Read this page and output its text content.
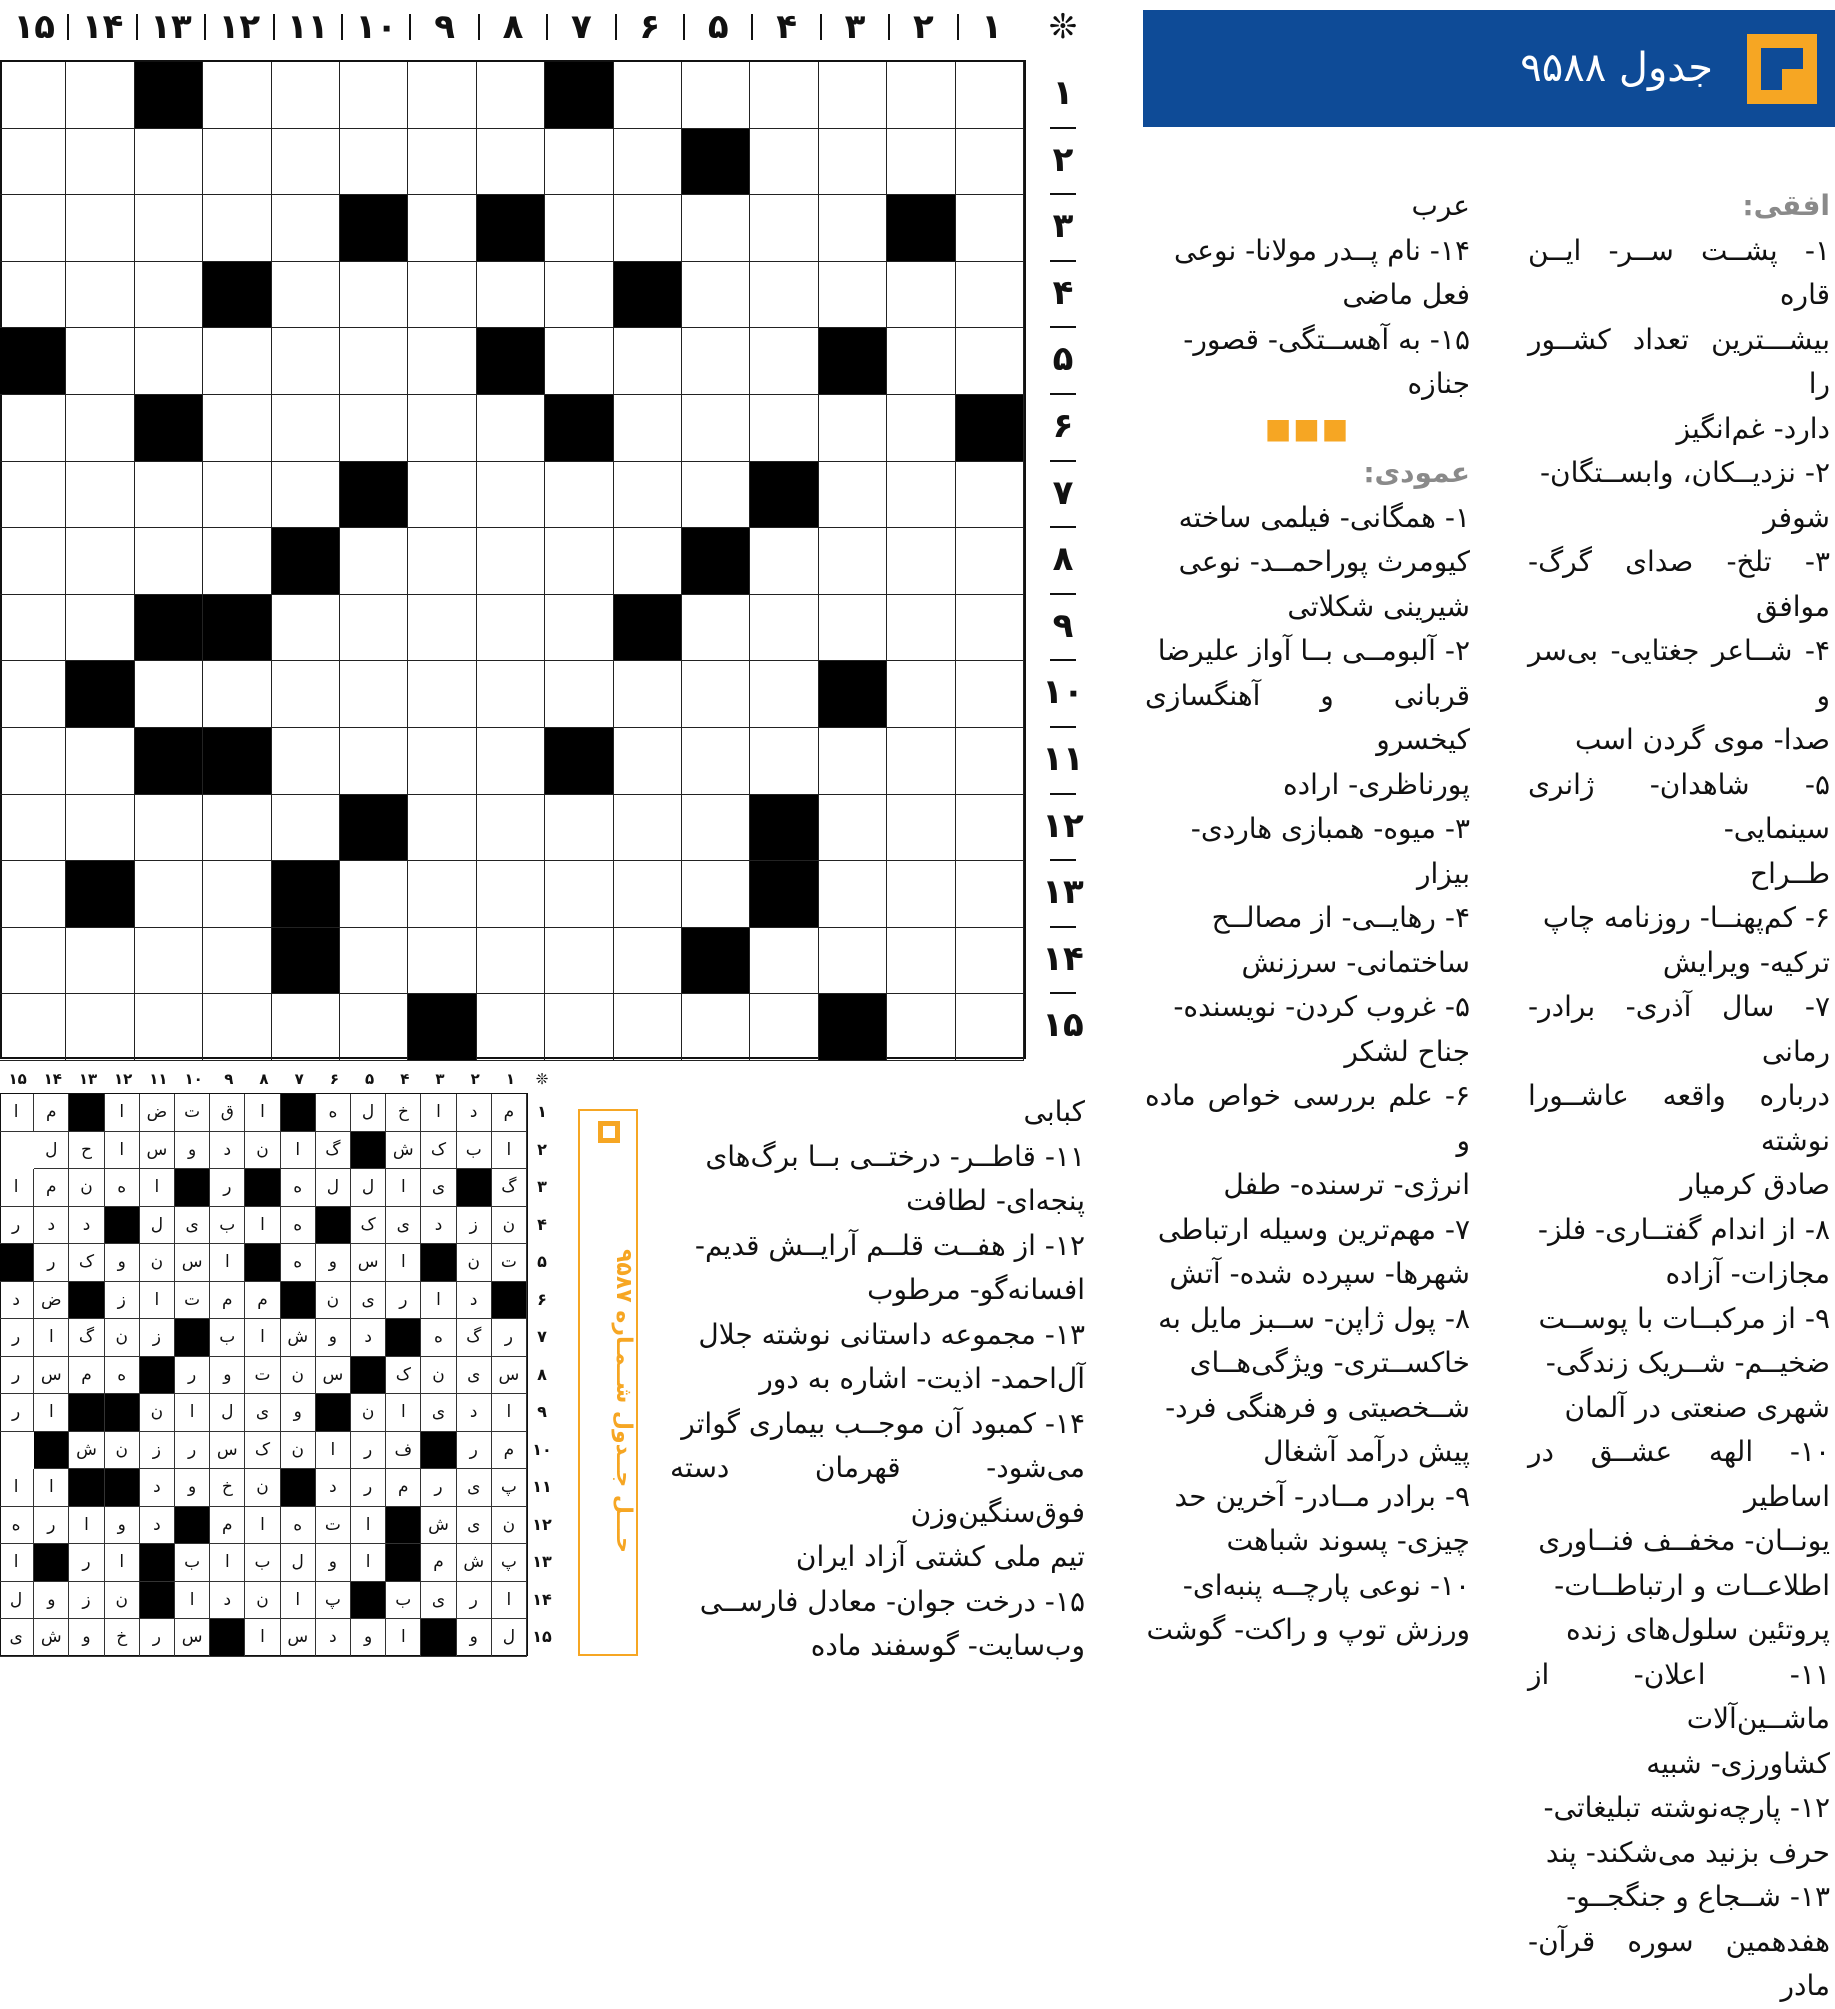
جدول ۹۵۸۸
❊
۱
۲
۳
۴
۵
۶
۷
۸
۹
۱۰
۱۱
۱۲
۱۳
۱۴
۱۵
۱
۲
۳
۴
۵
۶
۷
۸
۹
۱۰
۱۱
۱۲
۱۳
۱۴
۱۵

افقی:

۱- پشــت ســر- ایــن قاره

بیشـــترین تعداد کشــور را

دارد- غم‌انگیز

۲- نزدیــکان، وابســتگان-

شوفر

۳- تلخ- صدای گرگ- موافق

۴- شــاعر جغتایی- بی‌سر و

صدا- موی گردن اسب

۵- شاهدان- ژانری سینمایی-

طــراح

۶- کم‌پهنــا- روزنامه چاپ

ترکیه- ویرایش

۷- سال آذری- برادر- رمانی

درباره واقعه عاشــورا نوشته

صادق کرمیار

۸- از اندام گفتــاری- فلز-

مجازات- آزاده

۹- از مرکبــات با پوســت

ضخیــم- شــریک زندگی-

شهری صنعتی در آلمان

۱۰- الهه عشــق در اساطیر

یونــان- مخفــف فنــاوری

اطلاعــات و ارتباطــات-

پروتئین سلول‌های زنده

۱۱- اعلان- از ماشــین‌آلات

کشاورزی- شبیه

۱۲- پارچه‌نوشته تبلیغاتی-

حرف بزنید می‌شکند- پند

۱۳- شــجاع و جنگجــو-

هفدهمین سوره قرآن- مادر

عرب

۱۴- نام پــدر مولانا- نوعی

فعل ماضی

۱۵- به آهســتگی- قصور-

جنازه

■■■

عمودی:

۱- همگانی- فیلمی ساخته

کیومرث پوراحمــد- نوعی

شیرینی شکلاتی

۲- آلبومــی بــا آواز علیرضا

قربانی و آهنگسازی کیخسرو

پورناظری- اراده

۳- میوه- همبازی هاردی-

بیزار

۴- رهایــی- از مصالــح

ساختمانی- سرزنش

۵- غروب کردن- نویسنده-

جناح لشکر

۶- علم بررسی خواص ماده و

انرژی- ترسنده- طفل

۷- مهم‌ترین وسیله ارتباطی

شهرها- سپرده شده- آتش

۸- پول ژاپن- ســبز مایل به

خاکســتری- ویژگی‌هــای

شــخصیتی و فرهنگی فرد-

پیش درآمد آشغال

۹- برادر مــادر- آخرین حد

چیزی- پسوند شباهت

۱۰- نوعی پارچــه پنبه‌ای-

ورزش توپ و راکت- گوشت

کبابی

۱۱- قاطــر- درختــی بــا برگ‌های

پنجه‌ای- لطافت

۱۲- از هفــت قلــم آرایــش قدیم-

افسانه‌گو- مرطوب

۱۳- مجموعه داستانی نوشته جلال

آل‌احمد- اذیت- اشاره به دور

۱۴- کمبود آن موجــب بیماری گواتر

می‌شود- قهرمان دسته فوق‌سنگین‌وزن

تیم ملی کشتی آزاد ایران

۱۵- درخت جوان- معادل فارســی

وب‌سایت- گوسفند ماده

❊
۱
۲
۳
۴
۵
۶
۷
۸
۹
۱۰
۱۱
۱۲
۱۳
۱۴
۱۵
م
د
ا
خ
ل
ه
ا
ق
ت
ض
ا
م
ا
ا
ب
ک
ش
گ
ا
ن
د
و
س
ا
ح
ل
گ
ی
ا
ل
ل
ه
ر
ا
ه
ن
م
ا
ن
ز
د
ی
ک
ه
ا
ب
ی
ل
د
د
ر
ت
ن
ا
س
و
ه
ا
س
ن
و
ک
ر
د
ا
ر
ی
ن
م
م
ت
ا
ز
ض
د
ر
گ
ه
د
و
ش
ا
ب
ز
ن
گ
ا
ر
س
ی
ن
ک
س
ن
ت
و
ر
ه
م
س
ر
ا
د
ی
ا
ن
و
ی
ل
ا
ن
ا
ر
م
ر
ف
ر
ا
ن
ک
س
ر
ز
ن
ش
پ
ی
ر
م
ر
د
ن
خ
و
د
ا
ا
ن
ی
ش
ا
ت
ه
ا
م
د
و
ا
ر
ه
پ
ش
م
ا
و
ل
ب
ا
ب
ا
ر
ا
ا
ر
ی
ب
پ
ا
ن
د
ا
ن
ز
و
ل
ل
و
ا
و
د
س
ا
س
ر
خ
و
ش
ی
۱
۲
۳
۴
۵
۶
۷
۸
۹
۱۰
۱۱
۱۲
۱۳
۱۴
۱۵
حـــل جــدول شــمـاره ۹۵۸۷
